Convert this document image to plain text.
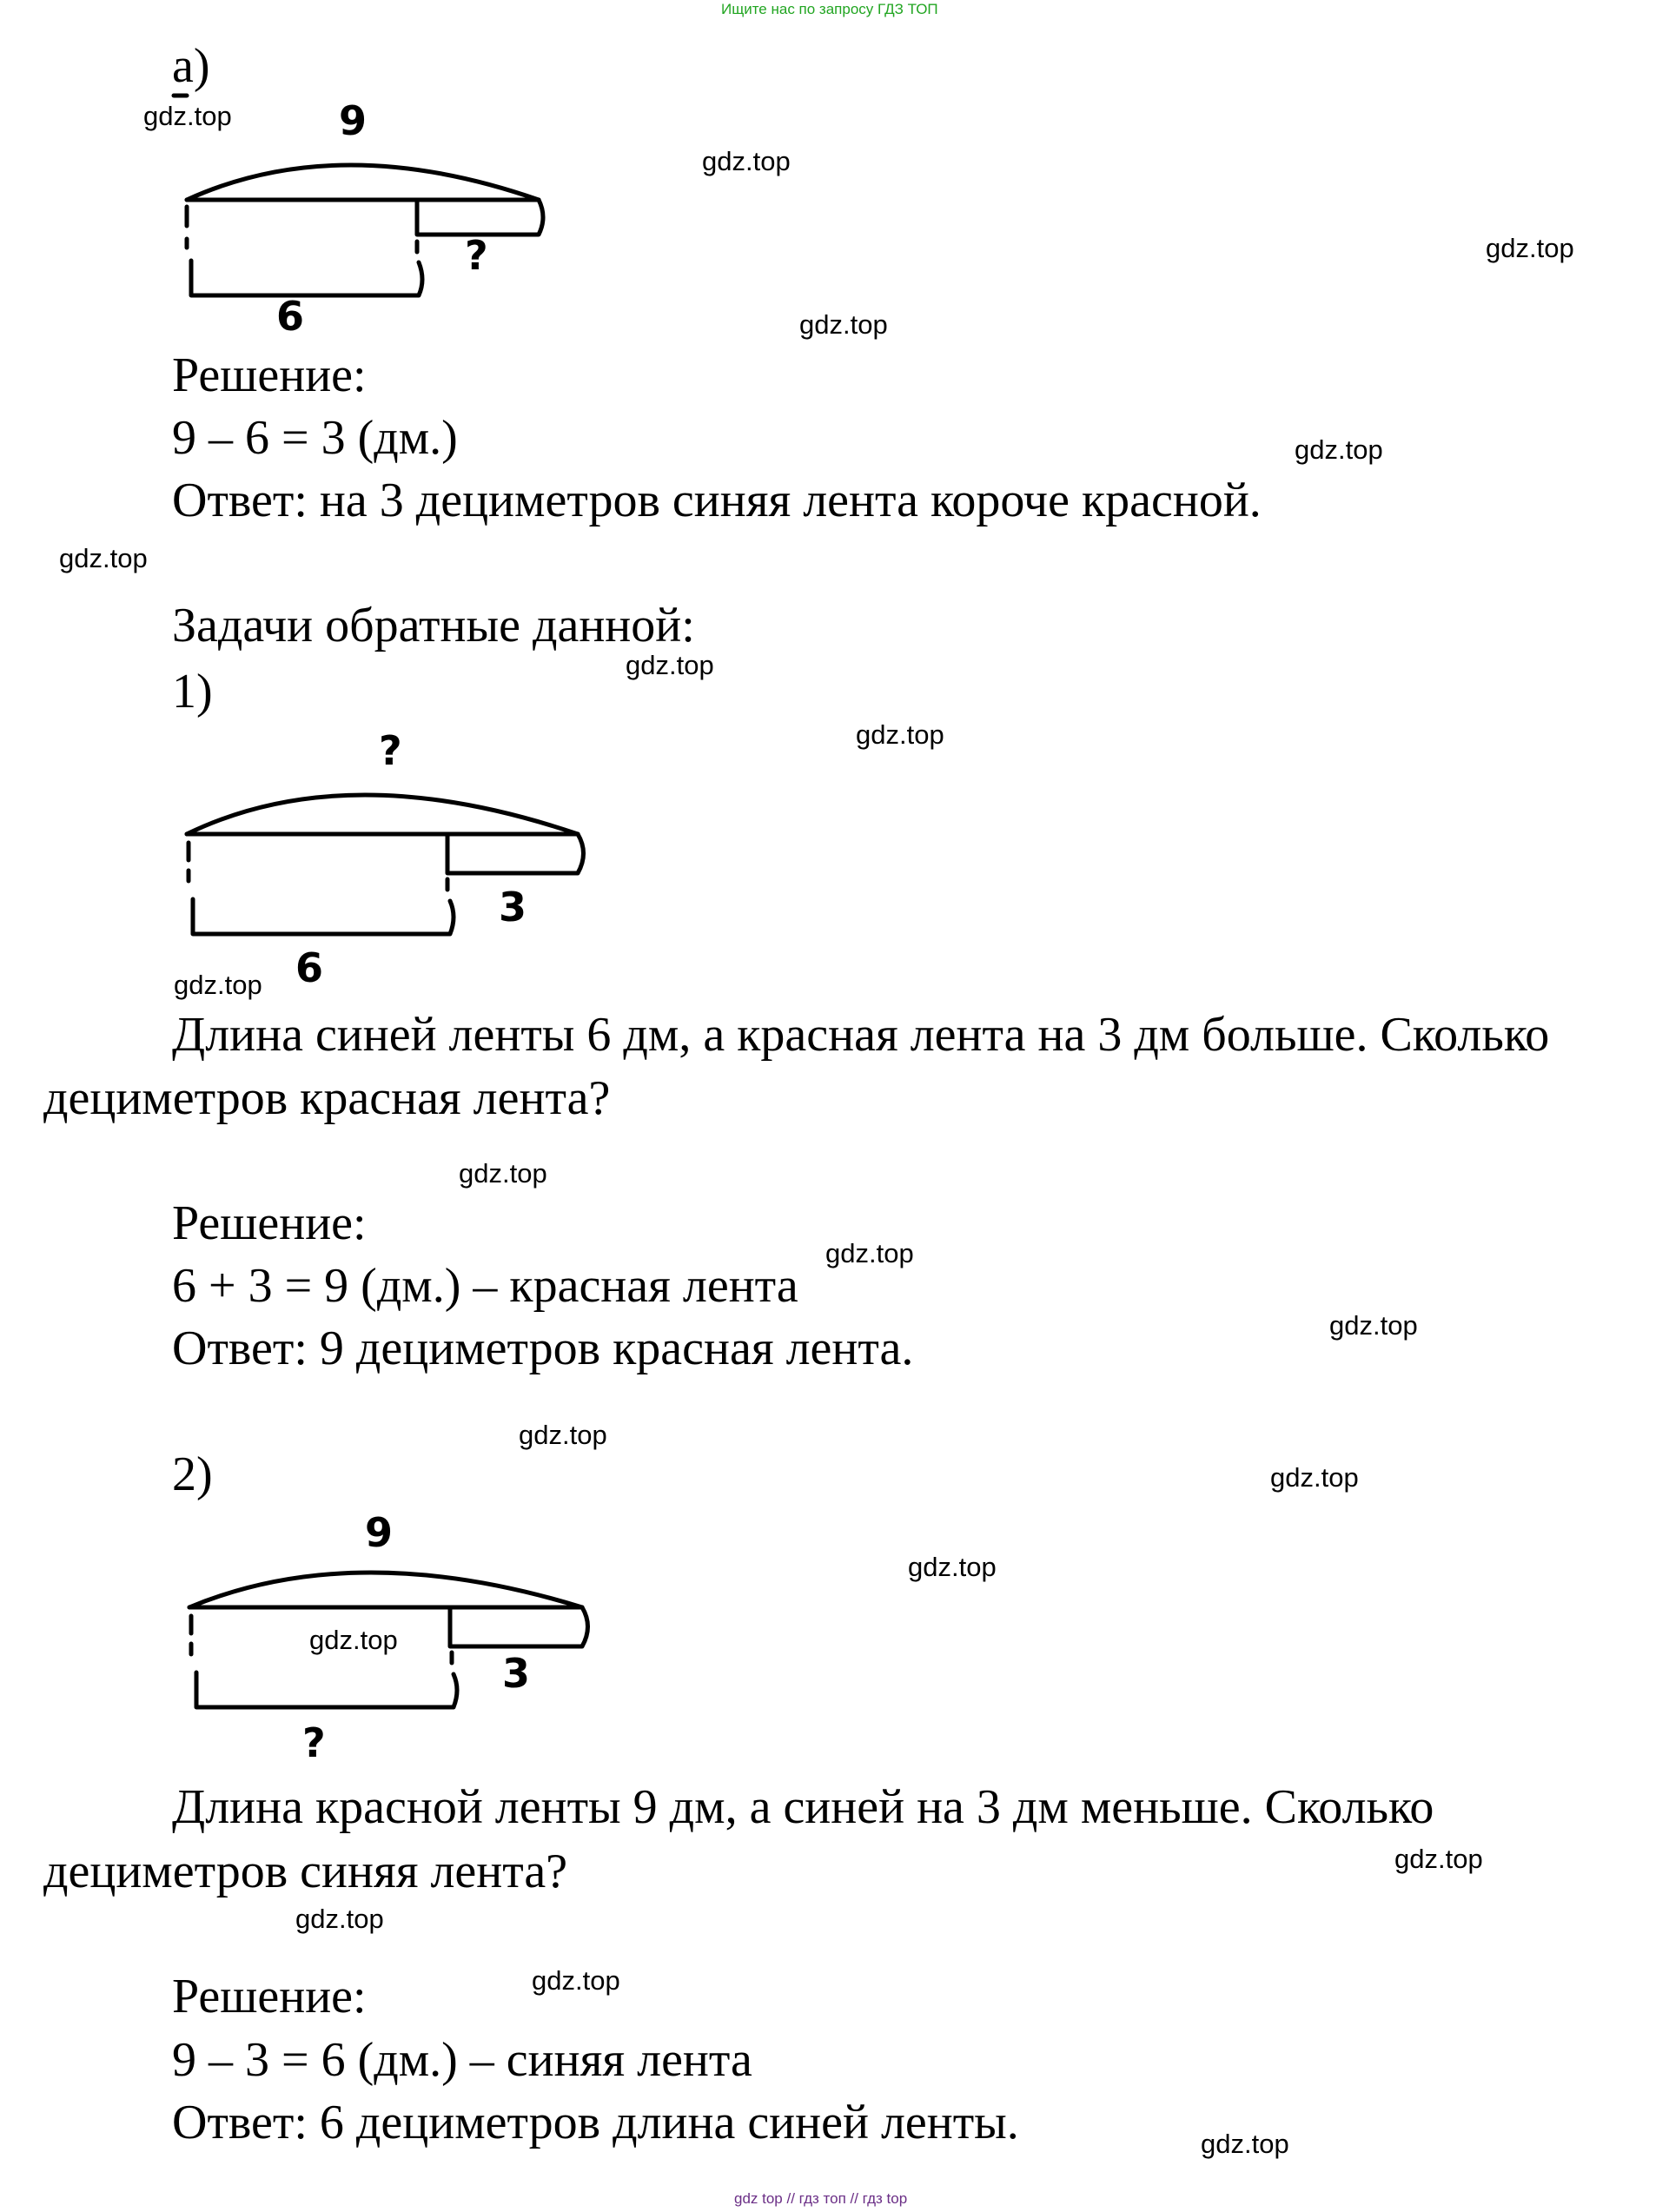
Ищите нас по запросу ГДЗ ТОП
gdz top // гдз топ // гдз top
а)
9
?
6
Решение:
9 – 6 = 3 (дм.)
Ответ: на 3 дециметров синяя лента короче красной.
Задачи обратные данной:
1)
?
3
6
Длина синей ленты 6 дм, а красная лента на 3 дм больше. Сколько
дециметров красная лента?
Решение:
6 + 3 = 9 (дм.) – красная лента
Ответ: 9 дециметров красная лента.
2)
9
3
?
Длина красной ленты 9 дм, а синей на 3 дм меньше. Сколько
дециметров синяя лента?
Решение:
9 – 3 = 6 (дм.) – синяя лента
Ответ: 6 дециметров длина синей ленты.
gdz.top
gdz.top
gdz.top
gdz.top
gdz.top
gdz.top
gdz.top
gdz.top
gdz.top
gdz.top
gdz.top
gdz.top
gdz.top
gdz.top
gdz.top
gdz.top
gdz.top
gdz.top
gdz.top
gdz.top
